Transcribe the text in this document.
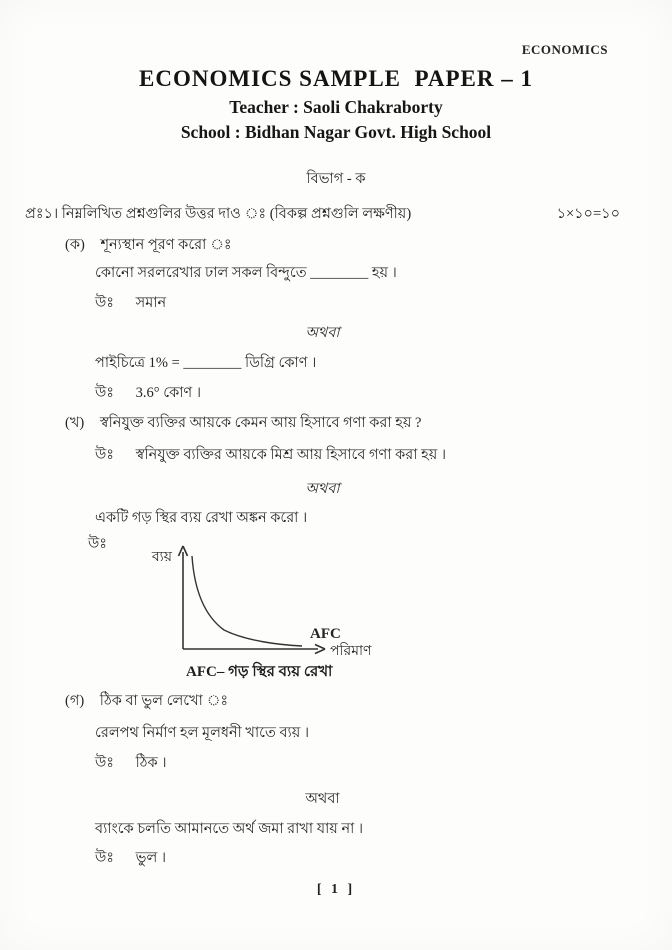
ECONOMICS
ECONOMICS SAMPLE  PAPER – 1
Teacher : Saoli Chakraborty
School : Bidhan Nagar Govt. High School
বিভাগ - ক
প্রঃ১। নিম্নলিখিত প্রশ্নগুলির উত্তর দাও ঃ (বিকল্প প্রশ্নগুলি লক্ষণীয়)	১×১০=১০
(ক) শূন্যস্থান পূরণ করো ঃ
কোনো সরলরেখার ঢাল সকল বিন্দুতে ________ হয় ।
উঃ সমান
অথবা
পাইচিত্রে 1% = ________ ডিগ্রি কোণ ।
উঃ 3.6° কোণ ।
(খ) স্বনিযুক্ত ব্যক্তির আয়কে কেমন আয় হিসাবে গণা করা হয় ?
উঃ স্বনিযুক্ত ব্যক্তির আয়কে মিশ্র আয় হিসাবে গণা করা হয় ।
অথবা
একটি গড় স্থির ব্যয় রেখা অঙ্কন করো ।
উঃ
ব্যয়
AFC
পরিমাণ
AFC– গড় স্থির ব্যয় রেখা
(গ) ঠিক বা ভুল লেখো ঃ
রেলপথ নির্মাণ হল মূলধনী খাতে ব্যয় ।
উঃ ঠিক ।
অথবা
ব্যাংকে চলতি আমানতে অর্থ জমা রাখা যায় না ।
উঃ ভুল ।
[ 1 ]
